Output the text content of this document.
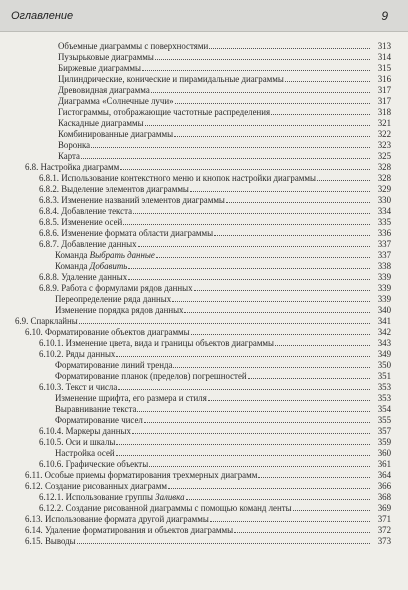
Оглавление	9
Объемные диаграммы с поверхностями	313
Пузырьковые диаграммы	314
Биржевые диаграммы	315
Цилиндрические, конические и пирамидальные диаграммы	316
Древовидная диаграмма	317
Диаграмма «Солнечные лучи»	317
Гистограммы, отображающие частотные распределения	318
Каскадные диаграммы	321
Комбинированные диаграммы	322
Воронка	323
Карта	325
6.8. Настройка диаграмм	328
6.8.1. Использование контекстного меню и кнопок настройки диаграммы	328
6.8.2. Выделение элементов диаграммы	329
6.8.3. Изменение названий элементов диаграммы	330
6.8.4. Добавление текста	334
6.8.5. Изменение осей	335
6.8.6. Изменение формата области диаграммы	336
6.8.7. Добавление данных	337
Команда Выбрать данные	337
Команда Добавить	338
6.8.8. Удаление данных	339
6.8.9. Работа с формулами рядов данных	339
Переопределение ряда данных	339
Изменение порядка рядов данных	340
6.9. Спарклайны	341
6.10. Форматирование объектов диаграммы	342
6.10.1. Изменение цвета, вида и границы объектов диаграммы	343
6.10.2. Ряды данных	349
Форматирование линий тренда	350
Форматирование планок (пределов) погрешностей	351
6.10.3. Текст и числа	353
Изменение шрифта, его размера и стиля	353
Выравнивание текста	354
Форматирование чисел	355
6.10.4. Маркеры данных	357
6.10.5. Оси и шкалы	359
Настройка осей	360
6.10.6. Графические объекты	361
6.11. Особые приемы форматирования трехмерных диаграмм	364
6.12. Создание рисованных диаграмм	366
6.12.1. Использование группы Заливка	368
6.12.2. Создание рисованной диаграммы с помощью команд ленты	369
6.13. Использование формата другой диаграммы	371
6.14. Удаление форматирования и объектов диаграммы	372
6.15. Выводы	373
